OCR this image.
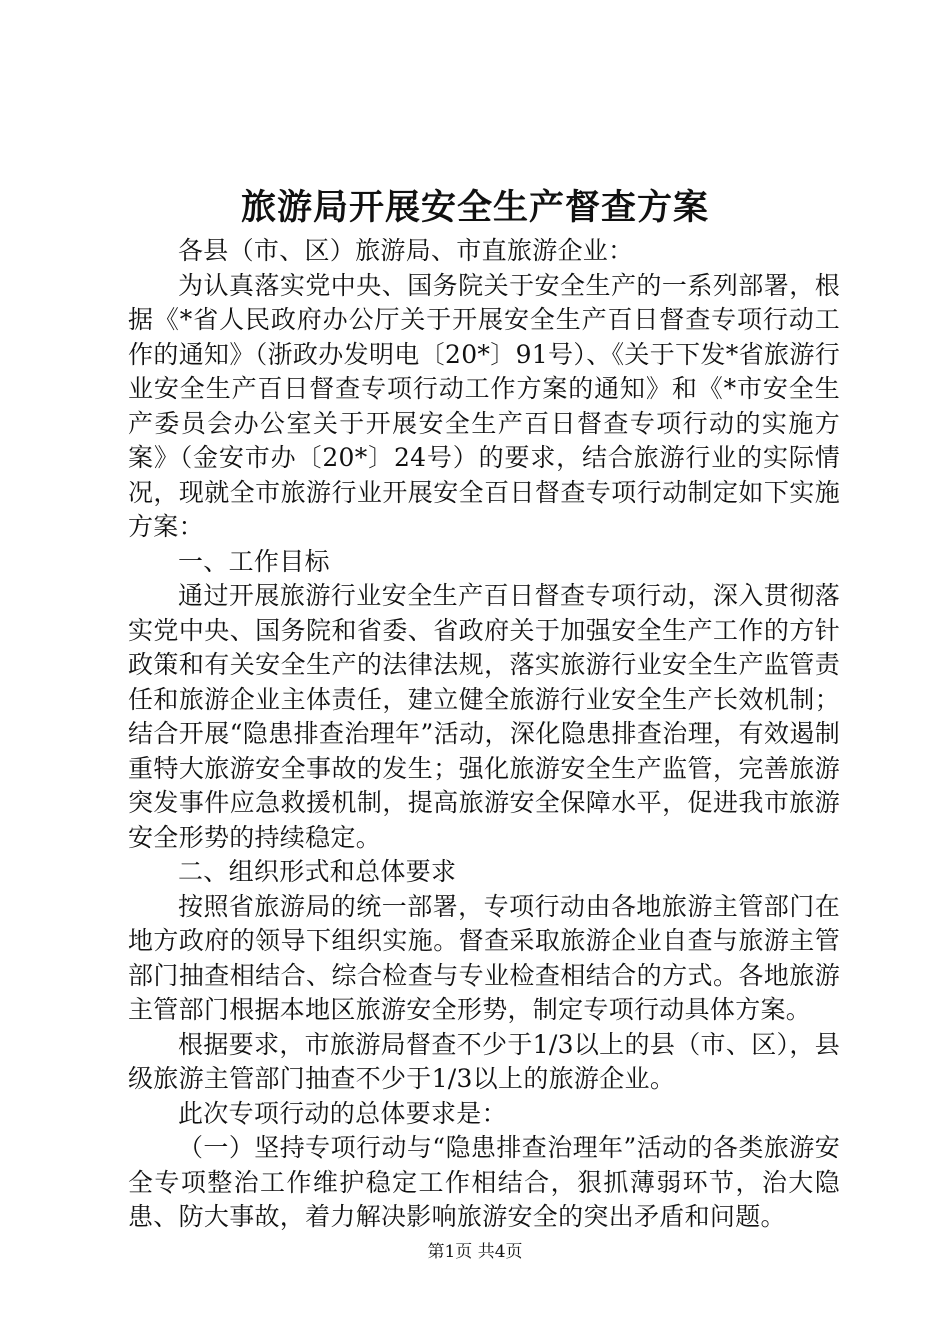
旅游局开展安全生产督查方案

各县（市、区）旅游局、市直旅游企业：

为认真落实党中央、国务院关于安全生产的一系列部署，根据《*省人民政府办公厅关于开展安全生产百日督查专项行动工作的通知》（浙政办发明电〔20*〕91号）、《关于下发*省旅游行业安全生产百日督查专项行动工作方案的通知》和《*市安全生产委员会办公室关于开展安全生产百日督查专项行动的实施方案》（金安市办〔20*〕24号）的要求，结合旅游行业的实际情况，现就全市旅游行业开展安全百日督查专项行动制定如下实施方案：

一、工作目标

通过开展旅游行业安全生产百日督查专项行动，深入贯彻落实党中央、国务院和省委、省政府关于加强安全生产工作的方针政策和有关安全生产的法律法规，落实旅游行业安全生产监管责任和旅游企业主体责任，建立健全旅游行业安全生产长效机制；结合开展“隐患排查治理年”活动，深化隐患排查治理，有效遏制重特大旅游安全事故的发生；强化旅游安全生产监管，完善旅游突发事件应急救援机制，提高旅游安全保障水平，促进我市旅游安全形势的持续稳定。

二、组织形式和总体要求

按照省旅游局的统一部署，专项行动由各地旅游主管部门在地方政府的领导下组织实施。督查采取旅游企业自查与旅游主管部门抽查相结合、综合检查与专业检查相结合的方式。各地旅游主管部门根据本地区旅游安全形势，制定专项行动具体方案。

根据要求，市旅游局督查不少于1/3以上的县（市、区），县级旅游主管部门抽查不少于1/3以上的旅游企业。

此次专项行动的总体要求是：

（一）坚持专项行动与“隐患排查治理年”活动的各类旅游安全专项整治工作维护稳定工作相结合，狠抓薄弱环节，治大隐患、防大事故，着力解决影响旅游安全的突出矛盾和问题。

第1页 共4页
